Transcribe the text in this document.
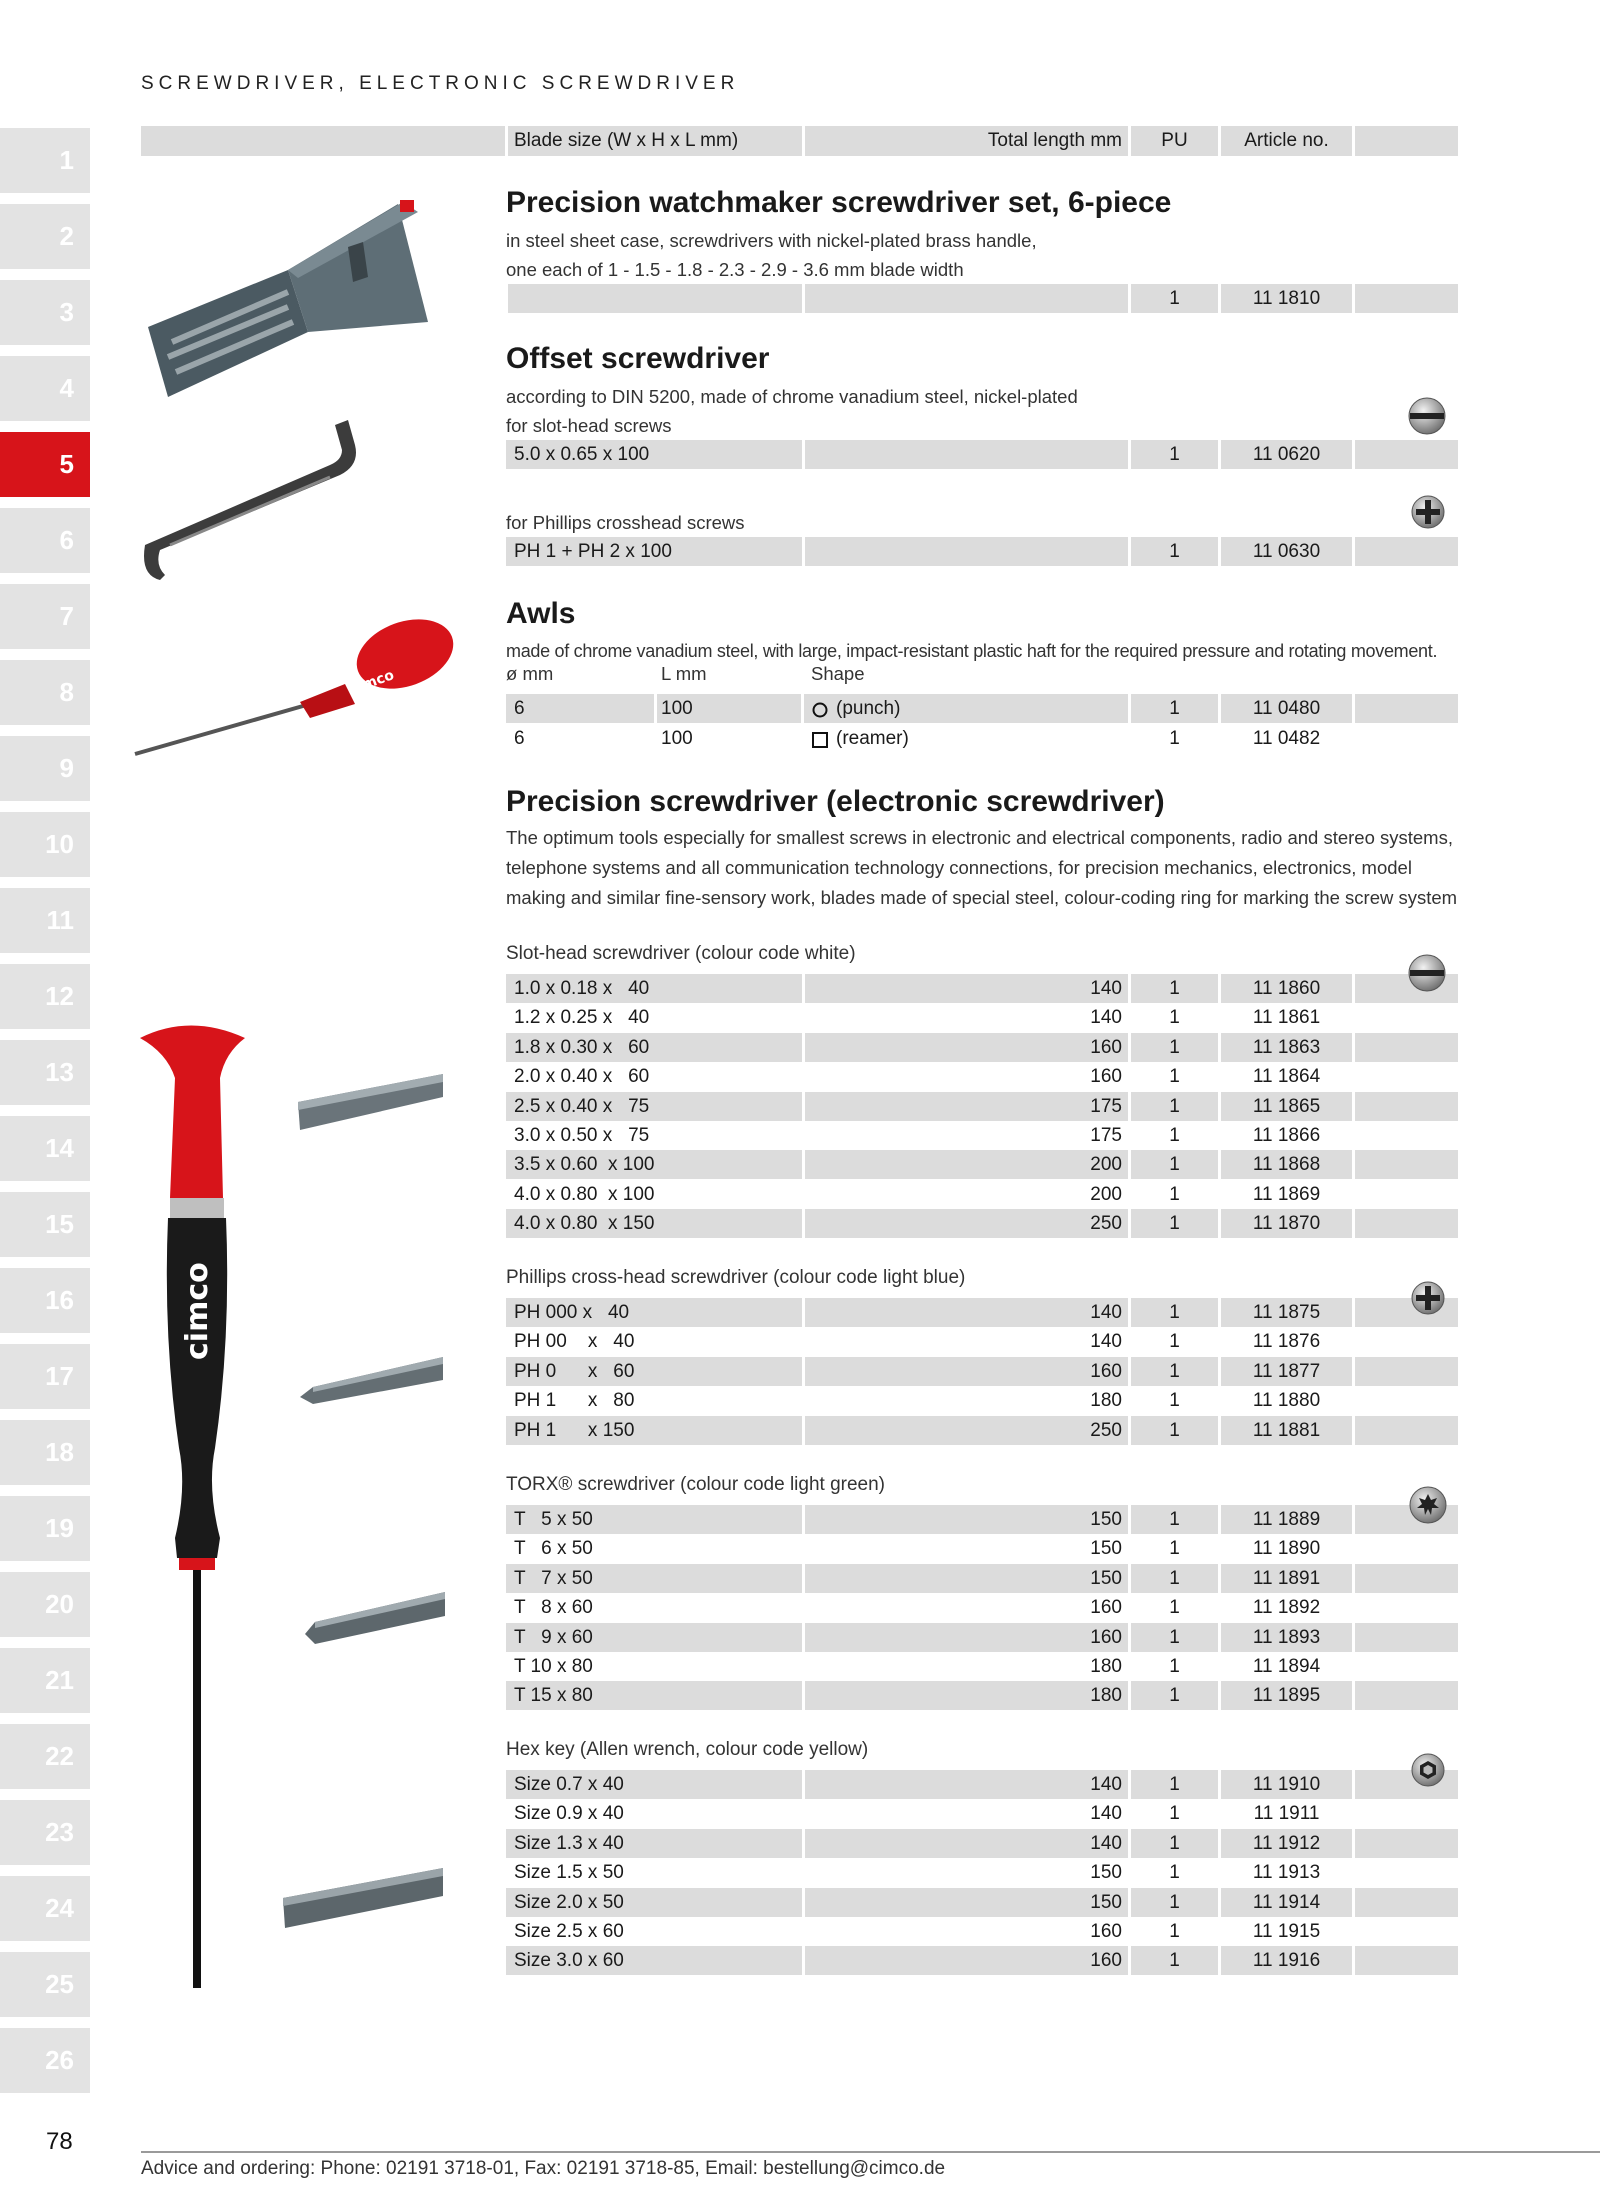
SCREWDRIVER, ELECTRONIC SCREWDRIVER
1
2
3
4
5
6
7
8
9
10
11
12
13
14
15
16
17
18
19
20
21
22
23
24
25
26
Blade size (W x H x L mm)	Total length mm	PU	Article no.
Precision watchmaker screwdriver set, 6-piece
in steel sheet case, screwdrivers with nickel-plated brass handle,
one each of 1 - 1.5 - 1.8 - 2.3 - 2.9 - 3.6 mm blade width
1	11 1810
Offset screwdriver
according to DIN 5200, made of chrome vanadium steel, nickel-plated
for slot-head screws
5.0 x 0.65 x 100	1	11 0620
for Phillips crosshead screws
PH 1 + PH 2 x 100	1	11 0630
Awls
made of chrome vanadium steel, with large, impact-resistant plastic haft for the required pressure and rotating movement.
ø mm	L mm	Shape
6	100	(punch)	1	11 0480
6	100	(reamer)	1	11 0482
Precision screwdriver (electronic screwdriver)
The optimum tools especially for smallest screws in electronic and electrical components, radio and stereo systems, telephone systems and all communication technology connections, for precision mechanics, electronics, model making and similar fine-sensory work, blades made of special steel, colour-coding ring for marking the screw system
Slot-head screwdriver (colour code white)
1.0 x 0.18 x   40	140	1	11 1860
1.2 x 0.25 x   40	140	1	11 1861
1.8 x 0.30 x   60	160	1	11 1863
2.0 x 0.40 x   60	160	1	11 1864
2.5 x 0.40 x   75	175	1	11 1865
3.0 x 0.50 x   75	175	1	11 1866
3.5 x 0.60  x 100	200	1	11 1868
4.0 x 0.80  x 100	200	1	11 1869
4.0 x 0.80  x 150	250	1	11 1870
Phillips cross-head screwdriver (colour code light blue)
PH 000 x   40	140	1	11 1875
PH 00    x   40	140	1	11 1876
PH 0      x   60	160	1	11 1877
PH 1      x   80	180	1	11 1880
PH 1      x 150	250	1	11 1881
TORX® screwdriver (colour code light green)
T   5 x 50	150	1	11 1889
T   6 x 50	150	1	11 1890
T   7 x 50	150	1	11 1891
T   8 x 60	160	1	11 1892
T   9 x 60	160	1	11 1893
T 10 x 80	180	1	11 1894
T 15 x 80	180	1	11 1895
Hex key (Allen wrench, colour code yellow)
Size 0.7 x 40	140	1	11 1910
Size 0.9 x 40	140	1	11 1911
Size 1.3 x 40	140	1	11 1912
Size 1.5 x 50	150	1	11 1913
Size 2.0 x 50	150	1	11 1914
Size 2.5 x 60	160	1	11 1915
Size 3.0 x 60	160	1	11 1916
cimco
cimco
78
Advice and ordering: Phone: 02191 3718-01, Fax: 02191 3718-85, Email: bestellung@cimco.de
